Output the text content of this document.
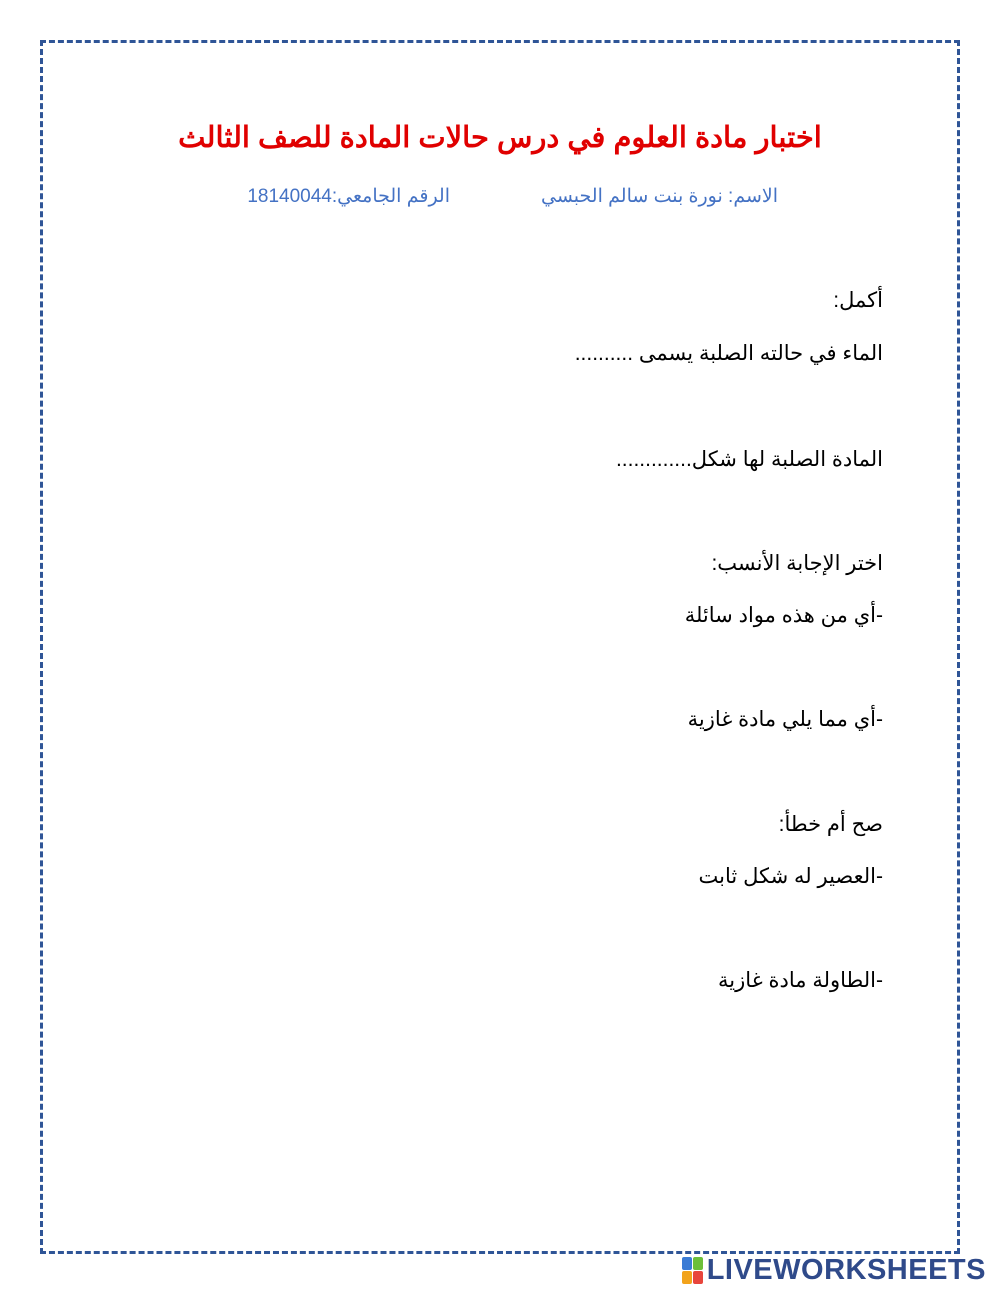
اختبار مادة العلوم في درس حالات المادة للصف الثالث
الاسم: نورة بنت سالم الحبسي
الرقم الجامعي:18140044
أكمل:
الماء في حالته الصلبة يسمى ..........
المادة الصلبة لها شكل.............
اختر الإجابة الأنسب:
-أي من هذه مواد سائلة
-أي مما يلي مادة غازية
صح أم خطأ:
-العصير له شكل ثابت
-الطاولة مادة غازية
LIVEWORKSHEETS
